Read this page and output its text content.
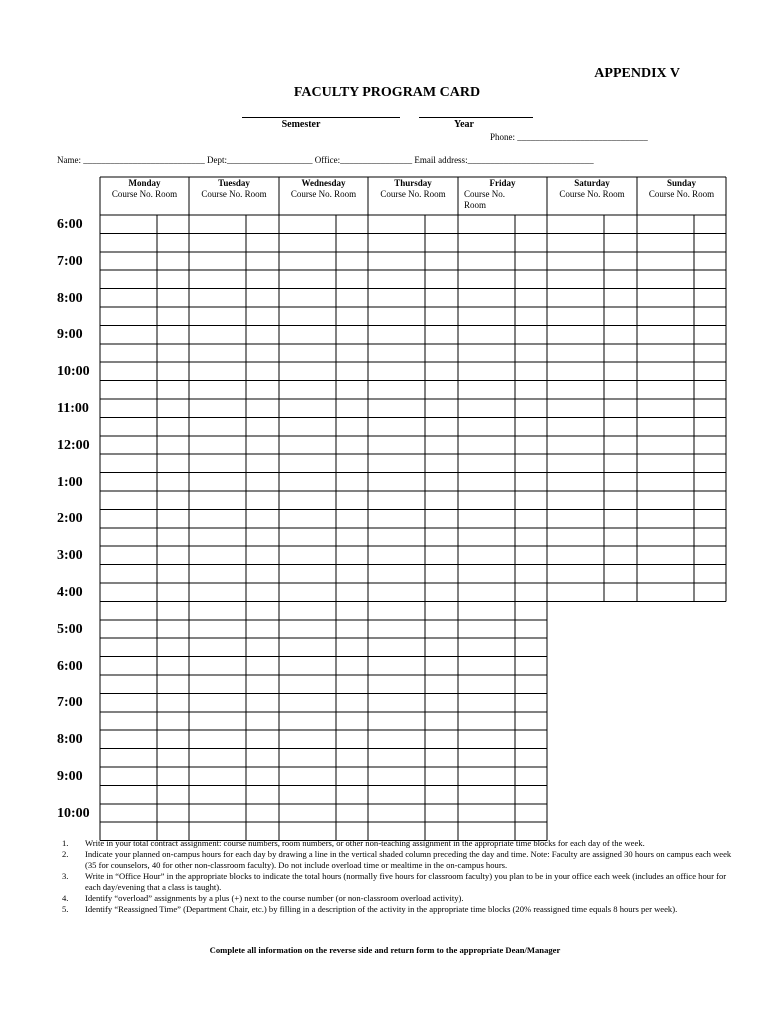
APPENDIX V
FACULTY PROGRAM CARD
Semester	Year
Phone: _____________________________
Name: ___________________________ Dept:___________________ Office:________________ Email address:____________________________
Monday
Course No. Room
Tuesday
Course No. Room
Wednesday
Course No. Room
Thursday
Course No. Room
Friday
Course No.
Room
Saturday
Course No. Room
Sunday
Course No. Room
6:00
7:00
8:00
9:00
10:00
11:00
12:00
1:00
2:00
3:00
4:00
5:00
6:00
7:00
8:00
9:00
10:00
1. Write in your total contract assignment: course numbers, room numbers, or other non-teaching assignment in the appropriate time blocks for each day of the week.
2. Indicate your planned on-campus hours for each day by drawing a line in the vertical shaded column preceding the day and time. Note: Faculty are assigned 30 hours on campus each week (35 for counselors, 40 for other non-classroom faculty). Do not include overload time or mealtime in the on-campus hours.
3. Write in “Office Hour” in the appropriate blocks to indicate the total hours (normally five hours for classroom faculty) you plan to be in your office each week (includes an office hour for each day/evening that a class is taught).
4. Identify “overload” assignments by a plus (+) next to the course number (or non-classroom overload activity).
5. Identify “Reassigned Time” (Department Chair, etc.) by filling in a description of the activity in the appropriate time blocks (20% reassigned time equals 8 hours per week).
Complete all information on the reverse side and return form to the appropriate Dean/Manager
